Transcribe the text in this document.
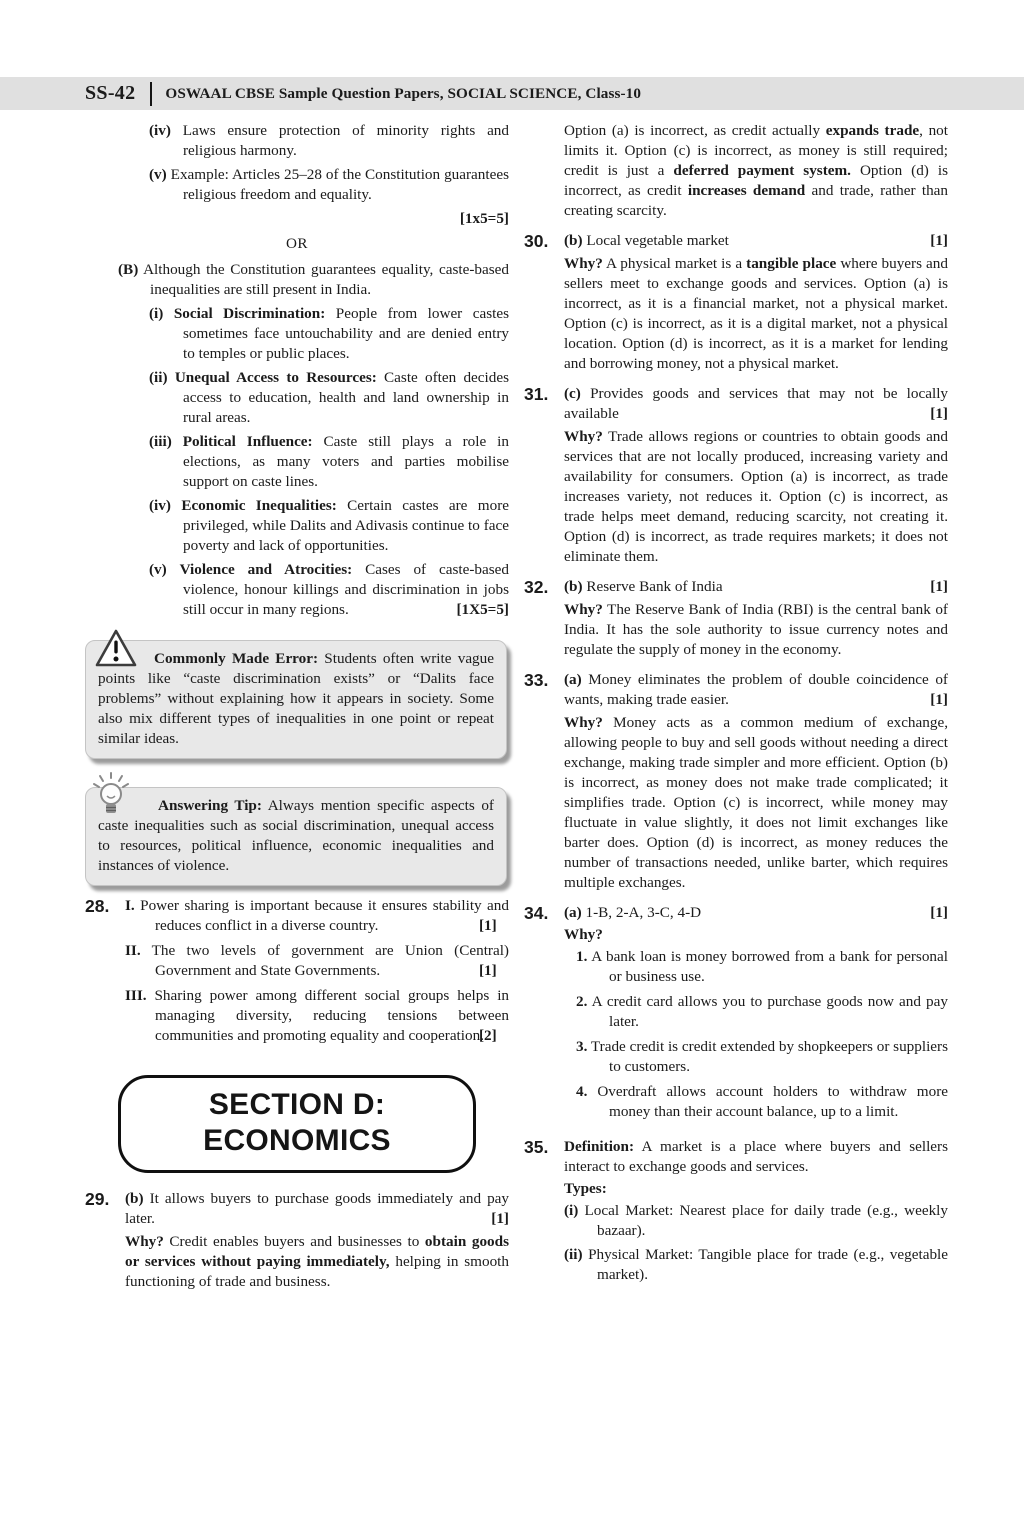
SS-42 OSWAAL CBSE Sample Question Papers, SOCIAL SCIENCE, Class-10

(iv) Laws ensure protection of minority rights and religious harmony.

(v) Example: Articles 25–28 of the Constitution guarantees religious freedom and equality.

[1x5=5]

OR

(B) Although the Constitution guarantees equality, caste-based inequalities are still present in India.

(i) Social Discrimination: People from lower castes sometimes face untouchability and are denied entry to temples or public places.

(ii) Unequal Access to Resources: Caste often decides access to education, health and land ownership in rural areas.

(iii) Political Influence: Caste still plays a role in elections, as many voters and parties mobilise support on caste lines.

(iv) Economic Inequalities: Certain castes are more privileged, while Dalits and Adivasis continue to face poverty and lack of opportunities.

(v) Violence and Atrocities: Cases of caste-based violence, honour killings and discrimination in jobs still occur in many regions.	[1X5=5]

Commonly Made Error: Students often write vague points like “caste discrimination exists” or “Dalits face problems” without explaining how it appears in society. Some also mix different types of inequalities in one point or repeat similar ideas.

Answering Tip: Always mention specific aspects of caste inequalities such as social discrimination, unequal access to resources, political influence, economic inequalities and instances of violence.

28.	I. Power sharing is important because it ensures stability and reduces conflict in a diverse country.	[1]

II. The two levels of government are Union (Central) Government and State Governments.	[1]

III. Sharing power among different social groups helps in managing diversity, reducing tensions between communities and promoting equality and cooperation.
[2]

SECTION D:
ECONOMICS
29.	(b) It allows buyers to purchase goods immediately and pay later.	[1]

Why? Credit enables buyers and businesses to obtain goods or services without paying immediately, helping in smooth functioning of trade and business.

Option (a) is incorrect, as credit actually expands trade, not limits it. Option (c) is incorrect, as money is still required; credit is just a deferred payment system. Option (d) is incorrect, as credit increases demand and trade, rather than creating scarcity.

30.	(b) Local vegetable market	[1]

Why? A physical market is a tangible place where buyers and sellers meet to exchange goods and services. Option (a) is incorrect, as it is a financial market, not a physical market. Option (c) is incorrect, as it is a digital market, not a physical location. Option (d) is incorrect, as it is a market for lending and borrowing money, not a physical market.

31.	(c) Provides goods and services that may not be locally available	[1]

Why? Trade allows regions or countries to obtain goods and services that are not locally produced, increasing variety and availability for consumers. Option (a) is incorrect, as trade increases variety, not reduces it. Option (c) is incorrect, as trade helps meet demand, reducing scarcity, not creating it. Option (d) is incorrect, as trade requires markets; it does not eliminate them.

32.	(b) Reserve Bank of India	[1]

Why? The Reserve Bank of India (RBI) is the central bank of India. It has the sole authority to issue currency notes and regulate the supply of money in the economy.

33.	(a) Money eliminates the problem of double coincidence of wants, making trade easier.	[1]

Why? Money acts as a common medium of exchange, allowing people to buy and sell goods without needing a direct exchange, making trade simpler and more efficient. Option (b) is incorrect, as money does not make trade complicated; it simplifies trade. Option (c) is incorrect, while money may fluctuate in value slightly, it does not limit exchanges like barter does. Option (d) is incorrect, as money reduces the number of transactions needed, unlike barter, which requires multiple exchanges.

34.	(a) 1-B, 2-A, 3-C, 4-D	[1]

Why?

1. A bank loan is money borrowed from a bank for personal or business use.

2. A credit card allows you to purchase goods now and pay later.

3. Trade credit is credit extended by shopkeepers or suppliers to customers.

4. Overdraft allows account holders to withdraw more money than their account balance, up to a limit.

35.	Definition: A market is a place where buyers and sellers interact to exchange goods and services.

Types:

(i) Local Market: Nearest place for daily trade (e.g., weekly bazaar).

(ii) Physical Market: Tangible place for trade (e.g., vegetable market).
